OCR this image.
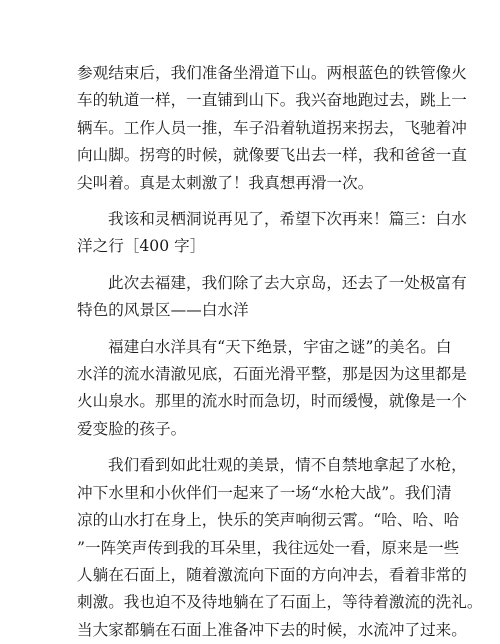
参观结束后，我们准备坐滑道下山。两根蓝色的铁管像火
车的轨道一样，一直铺到山下。我兴奋地跑过去，跳上一
辆车。工作人员一推，车子沿着轨道拐来拐去，飞驰着冲
向山脚。拐弯的时候，就像要飞出去一样，我和爸爸一直
尖叫着。真是太刺激了！我真想再滑一次。
我该和灵栖洞说再见了，希望下次再来！篇三：白水
洋之行［400 字］
此次去福建，我们除了去大京岛，还去了一处极富有
特色的风景区——白水洋
福建白水洋具有“天下绝景，宇宙之谜”的美名。白
水洋的流水清澈见底，石面光滑平整，那是因为这里都是
火山泉水。那里的流水时而急切，时而缓慢，就像是一个
爱变脸的孩子。
我们看到如此壮观的美景，情不自禁地拿起了水枪，
冲下水里和小伙伴们一起来了一场“水枪大战”。我们清
凉的山水打在身上，快乐的笑声响彻云霄。“哈、哈、哈
”一阵笑声传到我的耳朵里，我往远处一看，原来是一些
人躺在石面上，随着激流向下面的方向冲去，看着非常的
刺激。我也迫不及待地躺在了石面上，等待着激流的洗礼。
当大家都躺在石面上准备冲下去的时候，水流冲了过来。
